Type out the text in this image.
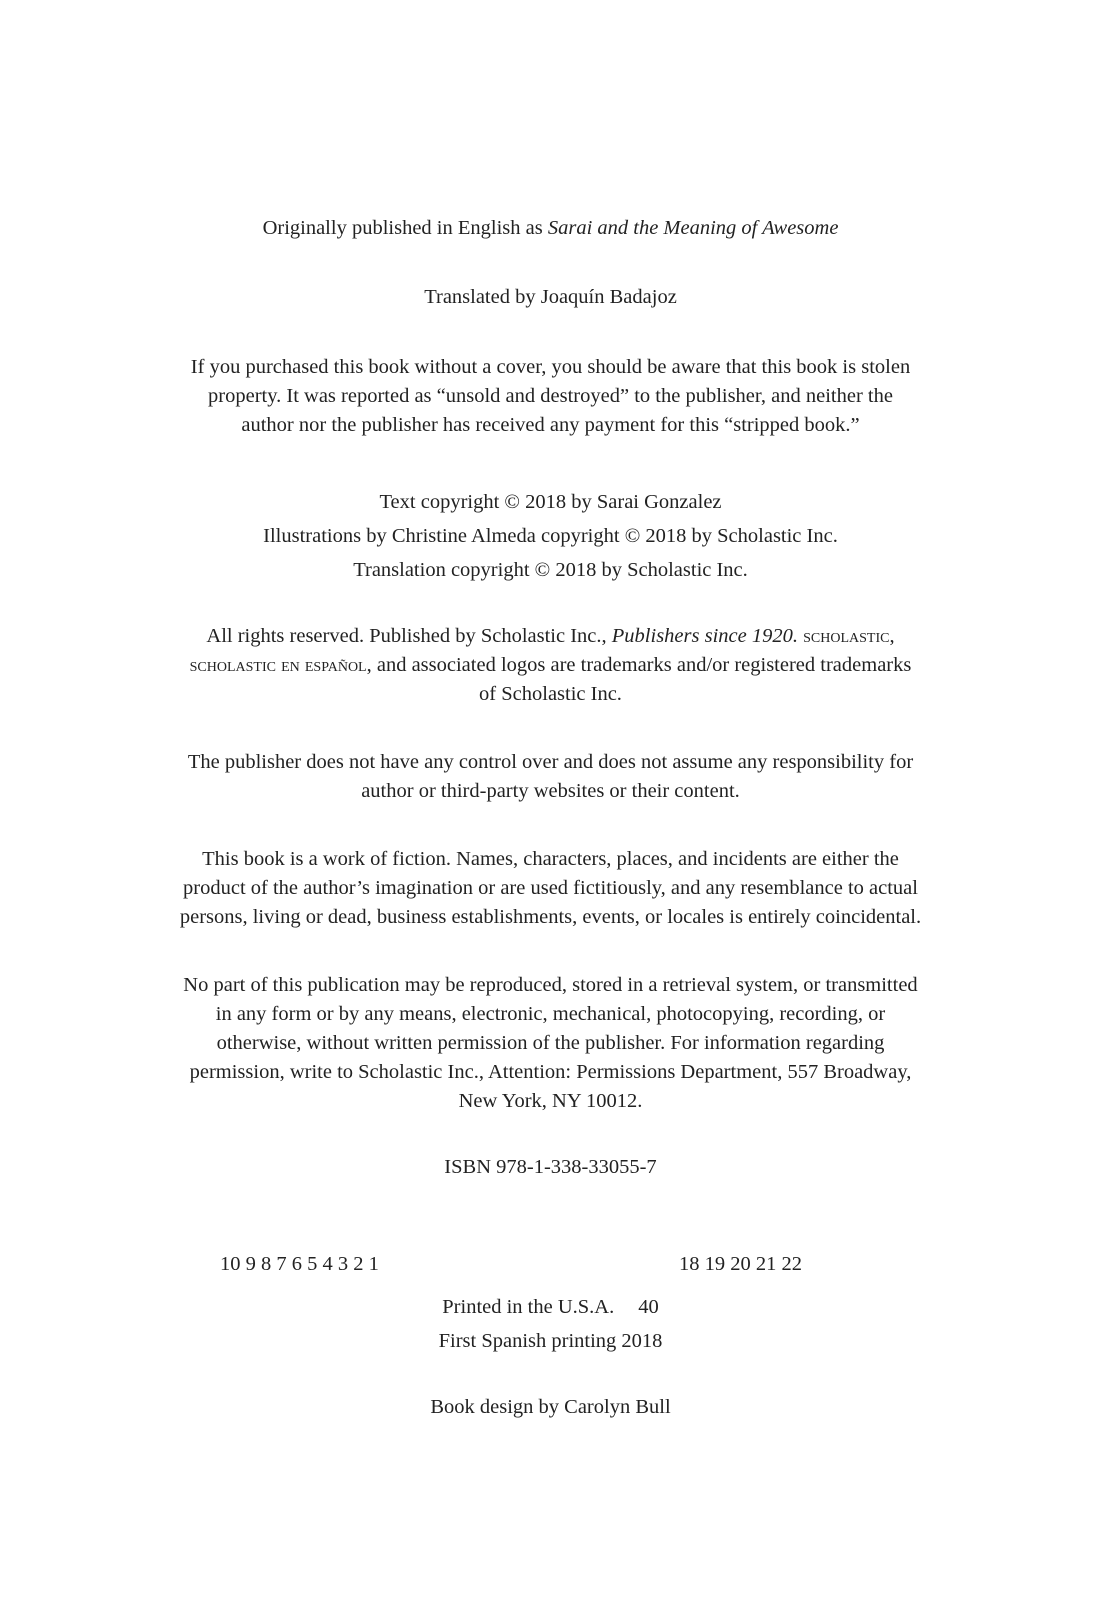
Originally published in English as Sarai and the Meaning of Awesome
Translated by Joaquín Badajoz
If you purchased this book without a cover, you should be aware that this book is stolen
property. It was reported as “unsold and destroyed” to the publisher, and neither the
author nor the publisher has received any payment for this “stripped book.”
Text copyright © 2018 by Sarai Gonzalez
Illustrations by Christine Almeda copyright © 2018 by Scholastic Inc.
Translation copyright © 2018 by Scholastic Inc.
All rights reserved. Published by Scholastic Inc., Publishers since 1920. scholastic,
scholastic en español, and associated logos are trademarks and/or registered trademarks
of Scholastic Inc.
The publisher does not have any control over and does not assume any responsibility for
author or third-party websites or their content.
This book is a work of fiction. Names, characters, places, and incidents are either the
product of the author’s imagination or are used fictitiously, and any resemblance to actual
persons, living or dead, business establishments, events, or locales is entirely coincidental.
No part of this publication may be reproduced, stored in a retrieval system, or transmitted
in any form or by any means, electronic, mechanical, photocopying, recording, or
otherwise, without written permission of the publisher. For information regarding
permission, write to Scholastic Inc., Attention: Permissions Department, 557 Broadway,
New York, NY 10012.
ISBN 978-1-338-33055-7
10 9 8 7 6 5 4 3 2 1	18 19 20 21 22
Printed in the U.S.A. 40
First Spanish printing 2018
Book design by Carolyn Bull
